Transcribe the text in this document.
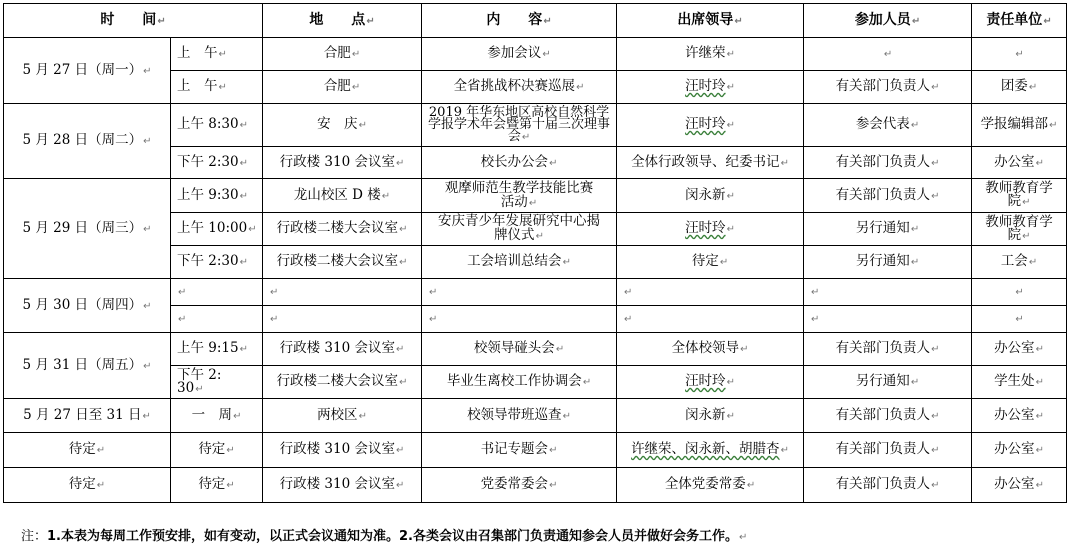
时　　间↵		地　　点↵	内　　容↵	出席领导↵	参加人员↵	责任单位↵
5 月 27 日（周一）↵	上　午↵	合肥↵	参加会议↵	许继荣↵	↵	↵
	上　午↵	合肥↵	全省挑战杯决赛巡展↵	汪时玲↵	有关部门负责人↵	团委↵
5 月 28 日（周二）↵	上午 8:30↵	安　庆↵	2019 年华东地区高校自然科学学报学术年会暨第十届三次理事会↵	汪时玲↵	参会代表↵	学报编辑部↵
	下午 2:30↵	行政楼 310 会议室↵	校长办公会↵	全体行政领导、纪委书记↵	有关部门负责人↵	办公室↵
5 月 29 日（周三）↵	上午 9:30↵	龙山校区 D 楼↵	观摩师范生教学技能比赛活动↵	闵永新↵	有关部门负责人↵	教师教育学院↵
	上午 10:00↵	行政楼二楼大会议室↵	安庆青少年发展研究中心揭牌仪式↵	汪时玲↵	另行通知↵	教师教育学院↵
	下午 2:30↵	行政楼二楼大会议室↵	工会培训总结会↵	待定↵	另行通知↵	工会↵
5 月 30 日（周四）↵	↵	↵	↵	↵	↵	↵
	↵	↵	↵	↵	↵	↵
5 月 31 日（周五）↵	上午 9:15↵	行政楼 310 会议室↵	校领导碰头会↵	全体校领导↵	有关部门负责人↵	办公室↵
	下午 2:　30↵	行政楼二楼大会议室↵	毕业生离校工作协调会↵	汪时玲↵	另行通知↵	学生处↵
5 月 27 日至 31 日↵	一　周↵	两校区↵	校领导带班巡查↵	闵永新↵	有关部门负责人↵	办公室↵
待定↵	待定↵	行政楼 310 会议室↵	书记专题会↵	许继荣、闵永新、胡腊杏↵	有关部门负责人↵	办公室↵
待定↵	待定↵	行政楼 310 会议室↵	党委常委会↵	全体党委常委↵	有关部门负责人↵	办公室↵
注：1.本表为每周工作预安排，如有变动，以正式会议通知为准。2.各类会议由召集部门负责通知参会人员并做好会务工作。↵
